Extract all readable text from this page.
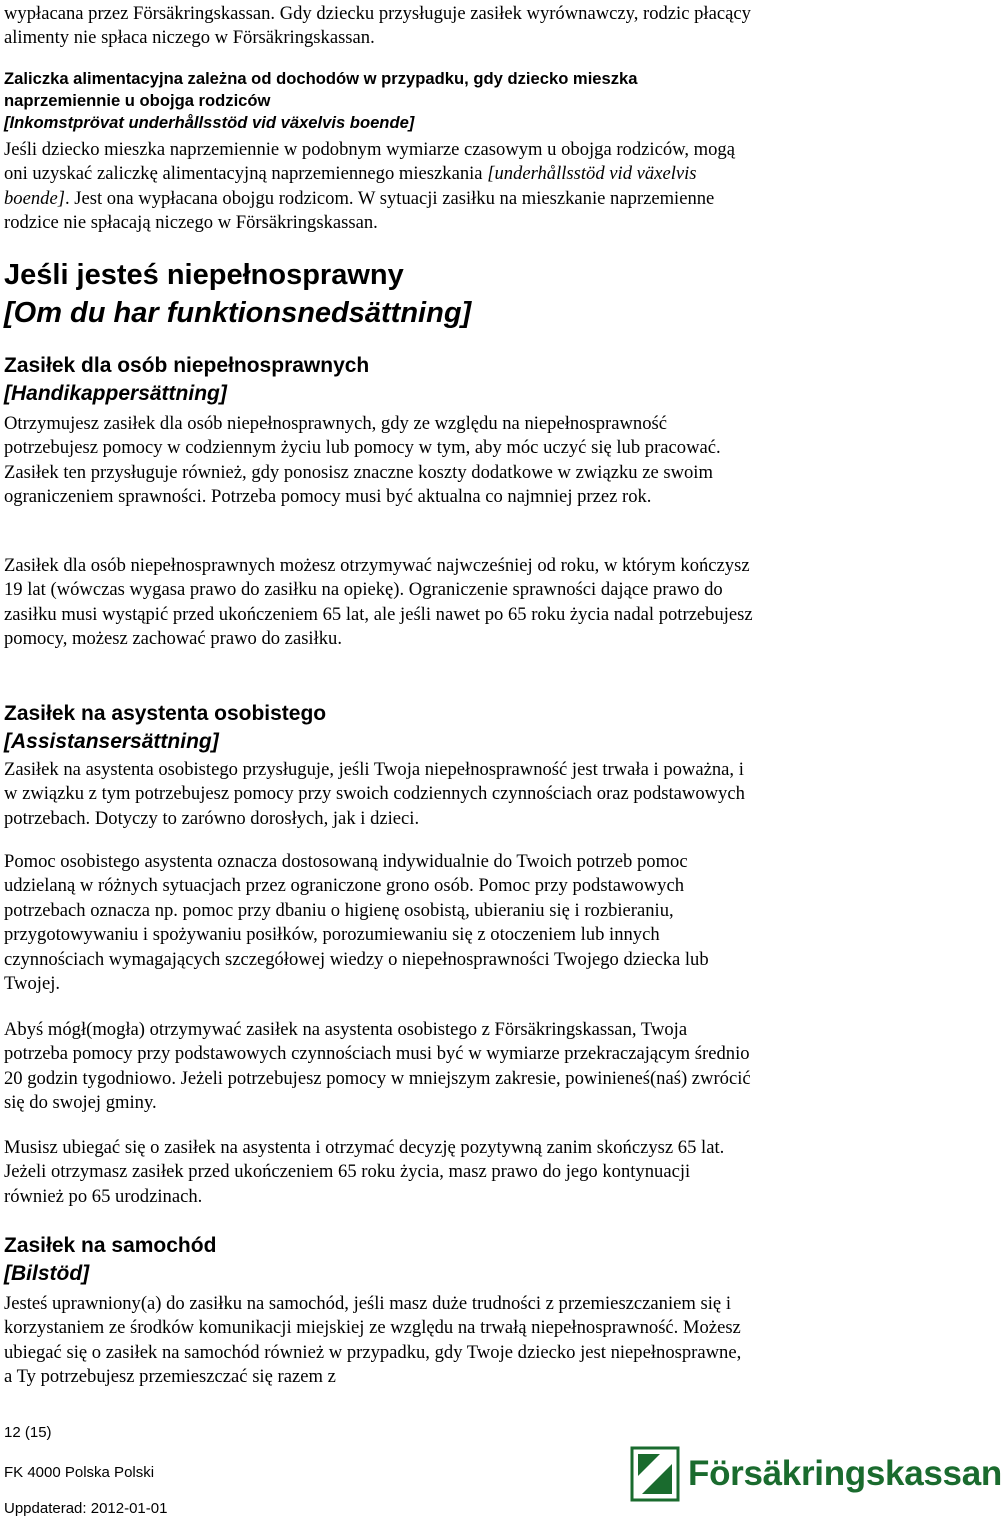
wypłacana przez Försäkringskassan. Gdy dziecku przysługuje zasiłek wyrównawczy, rodzic płacący alimenty nie spłaca niczego w Försäkringskassan.

Zaliczka alimentacyjna zależna od dochodów w przypadku, gdy dziecko mieszka naprzemiennie u obojga rodziców
[Inkomstprövat underhållsstöd vid växelvis boende]

Jeśli dziecko mieszka naprzemiennie w podobnym wymiarze czasowym u obojga rodziców, mogą oni uzyskać zaliczkę alimentacyjną naprzemiennego mieszkania [underhållsstöd vid växelvis boende]. Jest ona wypłacana obojgu rodzicom. W sytuacji zasiłku na mieszkanie naprzemienne rodzice nie spłacają niczego w Försäkringskassan.

Jeśli jesteś niepełnosprawny
[Om du har funktionsnedsättning]
Zasiłek dla osób niepełnosprawnych
[Handikappersättning]

Otrzymujesz zasiłek dla osób niepełnosprawnych, gdy ze względu na niepełnosprawność potrzebujesz pomocy w codziennym życiu lub pomocy w tym, aby móc uczyć się lub pracować. Zasiłek ten przysługuje również, gdy ponosisz znaczne koszty dodatkowe w związku ze swoim ograniczeniem sprawności. Potrzeba pomocy musi być aktualna co najmniej przez rok.

Zasiłek dla osób niepełnosprawnych możesz otrzymywać najwcześniej od roku, w którym kończysz 19 lat (wówczas wygasa prawo do zasiłku na opiekę). Ograniczenie sprawności dające prawo do zasiłku musi wystąpić przed ukończeniem 65 lat, ale jeśli nawet po 65 roku życia nadal potrzebujesz pomocy, możesz zachować prawo do zasiłku.

Zasiłek na asystenta osobistego
[Assistansersättning]

Zasiłek na asystenta osobistego przysługuje, jeśli Twoja niepełnosprawność jest trwała i poważna, i w związku z tym potrzebujesz pomocy przy swoich codziennych czynnościach oraz podstawowych potrzebach. Dotyczy to zarówno dorosłych, jak i dzieci.

Pomoc osobistego asystenta oznacza dostosowaną indywidualnie do Twoich potrzeb pomoc udzielaną w różnych sytuacjach przez ograniczone grono osób. Pomoc przy podstawowych potrzebach oznacza np. pomoc przy dbaniu o higienę osobistą, ubieraniu się i rozbieraniu, przygotowywaniu i spożywaniu posiłków, porozumiewaniu się z otoczeniem lub innych czynnościach wymagających szczegółowej wiedzy o niepełnosprawności Twojego dziecka lub Twojej.

Abyś mógł(mogła) otrzymywać zasiłek na asystenta osobistego z Försäkringskassan, Twoja potrzeba pomocy przy podstawowych czynnościach musi być w wymiarze przekraczającym średnio 20 godzin tygodniowo. Jeżeli potrzebujesz pomocy w mniejszym zakresie, powinieneś(naś) zwrócić się do swojej gminy.

Musisz ubiegać się o zasiłek na asystenta i otrzymać decyzję pozytywną zanim skończysz 65 lat. Jeżeli otrzymasz zasiłek przed ukończeniem 65 roku życia, masz prawo do jego kontynuacji również po 65 urodzinach.

Zasiłek na samochód
[Bilstöd]

Jesteś uprawniony(a) do zasiłku na samochód, jeśli masz duże trudności z przemieszczaniem się i korzystaniem ze środków komunikacji miejskiej ze względu na trwałą niepełnosprawność. Możesz ubiegać się o zasiłek na samochód również w przypadku, gdy Twoje dziecko jest niepełnosprawne, a Ty potrzebujesz przemieszczać się razem z

12 (15)
FK 4000 Polska Polski
Uppdaterad: 2012-01-01
Försäkringskassan
